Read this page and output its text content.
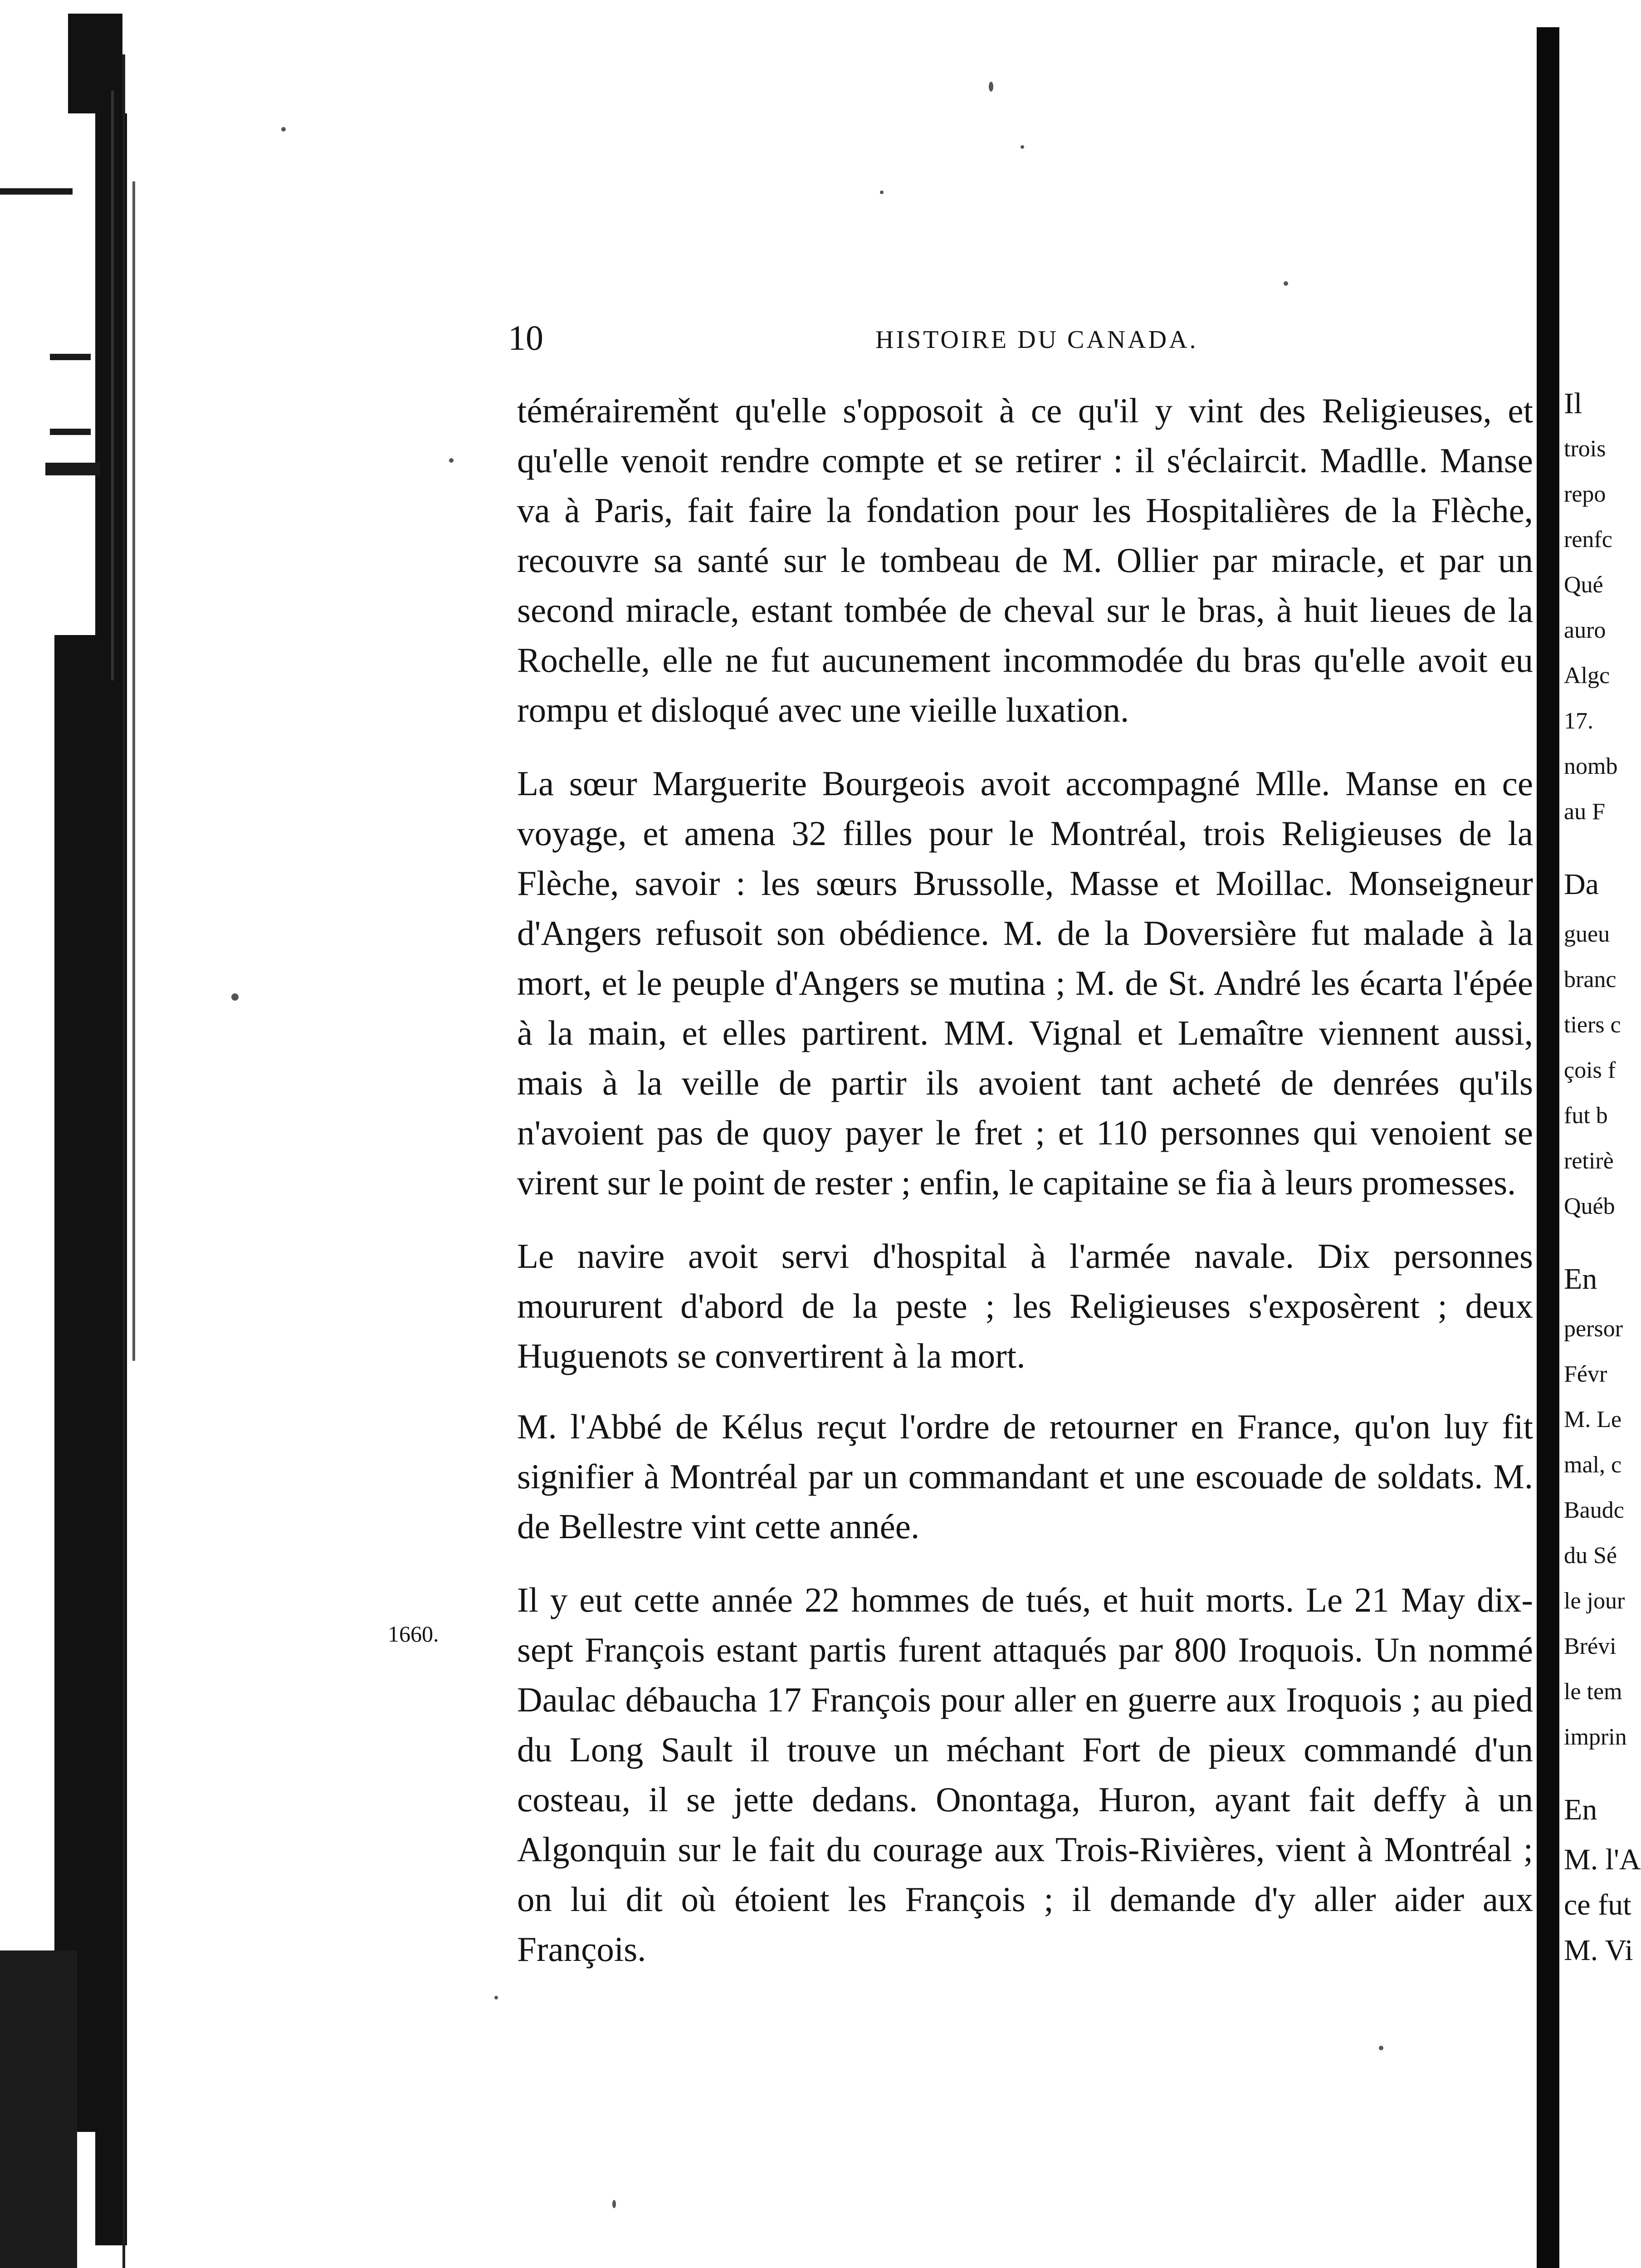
10	HISTOIRE DU CANADA.

téméraireměnt qu'elle s'opposoit à ce qu'il y vint des Religieuses, et qu'elle venoit rendre compte et se retirer : il s'éclaircit. Madlle. Manse va à Paris, fait faire la fondation pour les Hospitalières de la Flèche, recouvre sa santé sur le tombeau de M. Ollier par miracle, et par un second miracle, estant tombée de cheval sur le bras, à huit lieues de la Rochelle, elle ne fut aucunement incommodée du bras qu'elle avoit eu rompu et disloqué avec une vieille luxation.

La sœur Marguerite Bourgeois avoit accompagné Mlle. Manse en ce voyage, et amena 32 filles pour le Montréal, trois Religieuses de la Flèche, savoir : les sœurs Brussolle, Masse et Moillac. Monseigneur d'Angers refusoit son obédience. M. de la Doversière fut malade à la mort, et le peuple d'Angers se mutina ; M. de St. André les écarta l'épée à la main, et elles partirent. MM. Vignal et Lemaître viennent aussi, mais à la veille de partir ils avoient tant acheté de denrées qu'ils n'avoient pas de quoy payer le fret ; et 110 personnes qui venoient se virent sur le point de rester ; enfin, le capitaine se fia à leurs promesses.

Le navire avoit servi d'hospital à l'armée navale. Dix personnes moururent d'abord de la peste ; les Religieuses s'exposèrent ; deux Huguenots se convertirent à la mort.

M. l'Abbé de Kélus reçut l'ordre de retourner en France, qu'on luy fit signifier à Montréal par un commandant et une escouade de soldats. M. de Bellestre vint cette année.

Il y eut cette année 22 hommes de tués, et huit morts. Le 21 May dix-sept François estant partis furent attaqués par 800 Iroquois. Un nommé Daulac débaucha 17 François pour aller en guerre aux Iroquois ; au pied du Long Sault il trouve un méchant Fort de pieux commandé d'un costeau, il se jette dedans. Onontaga, Huron, ayant fait deffy à un Algonquin sur le fait du courage aux Trois-Rivières, vient à Montréal ; on lui dit où étoient les François ; il demande d'y aller aider aux François.

1660.
Il
trois
repo
renfc
Qué
auro
Algc
17.
nomb
au F
Da
gueu
branc
tiers c
çois f
fut b
retirè
Québ
En
persor
Févr
M. Le
mal, c
Baudc
du Sé
le jour
Brévi
le tem
imprin
En
M. l'A
ce fut
M. Vi
